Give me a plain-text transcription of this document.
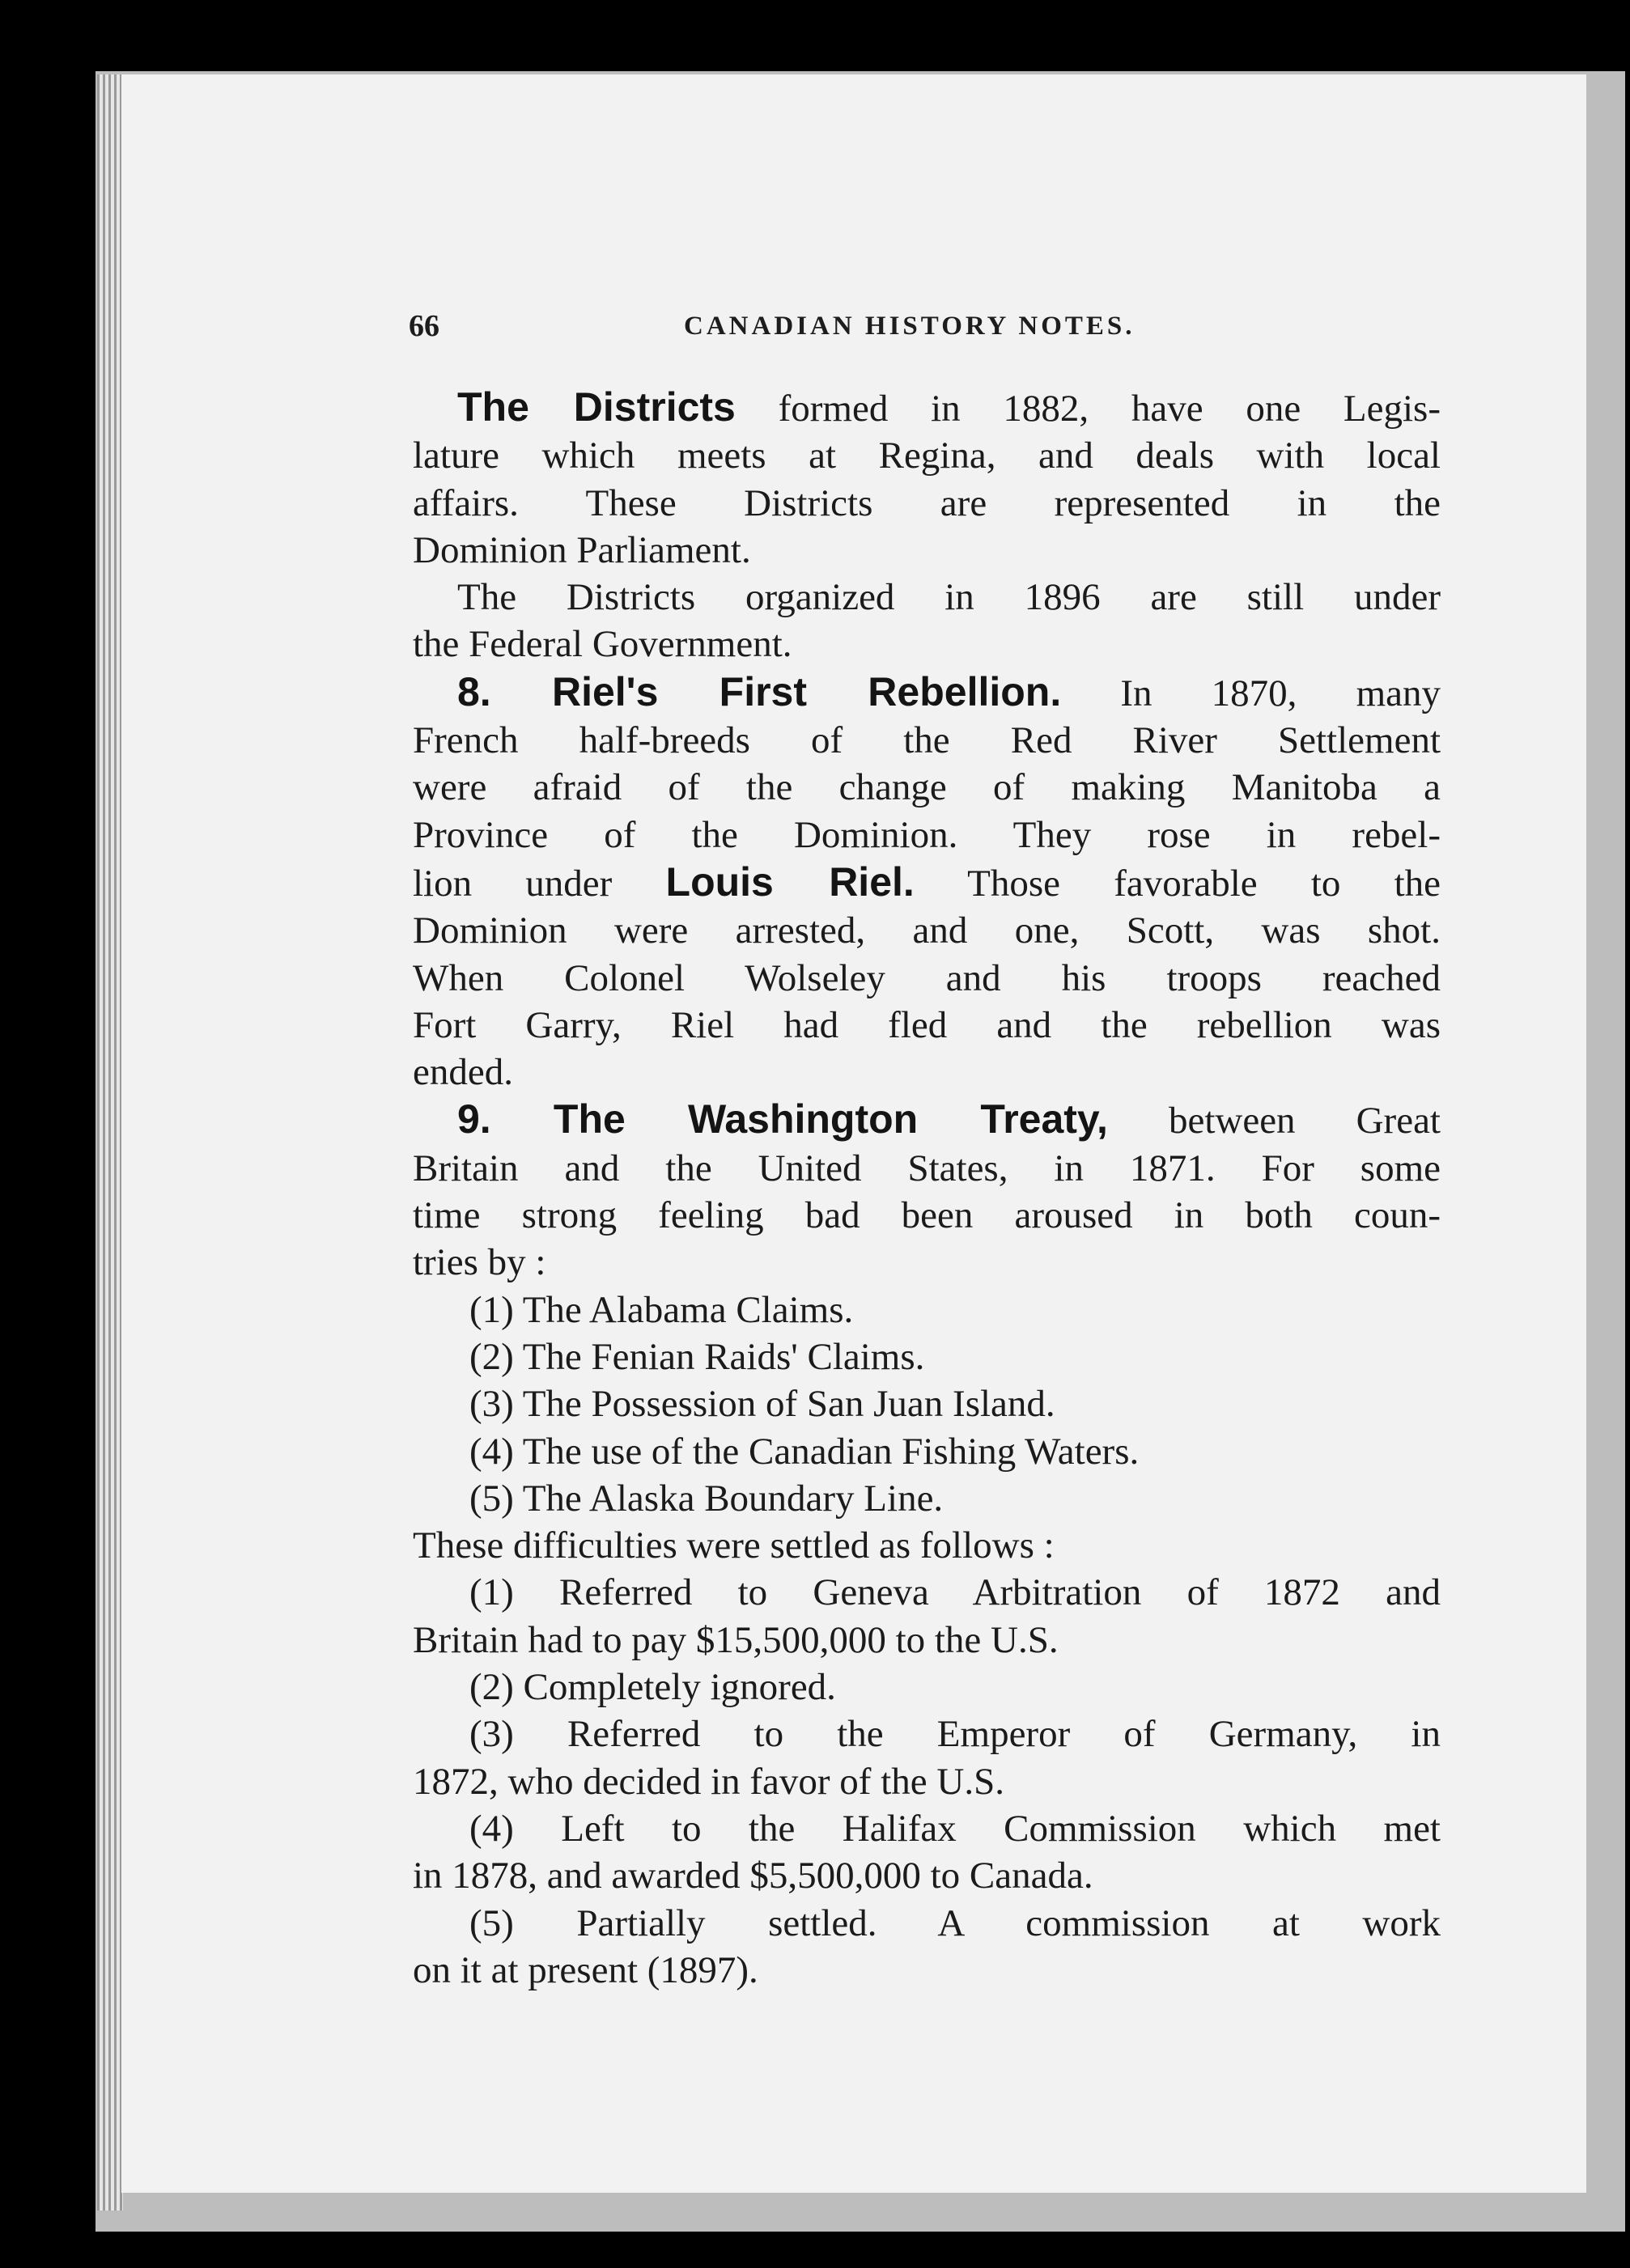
66	CANADIAN HISTORY NOTES.
The Districts formed in 1882, have one Legis-
lature which meets at Regina, and deals with local
affairs. These Districts are represented in the
Dominion Parliament.
The Districts organized in 1896 are still under
the Federal Government.
8. Riel's First Rebellion. In 1870, many
French half-breeds of the Red River Settlement
were afraid of the change of making Manitoba a
Province of the Dominion. They rose in rebel-
lion under Louis Riel. Those favorable to the
Dominion were arrested, and one, Scott, was shot.
When Colonel Wolseley and his troops reached
Fort Garry, Riel had fled and the rebellion was
ended.
9. The Washington Treaty, between Great
Britain and the United States, in 1871. For some
time strong feeling bad been aroused in both coun-
tries by :
(1) The Alabama Claims.
(2) The Fenian Raids' Claims.
(3) The Possession of San Juan Island.
(4) The use of the Canadian Fishing Waters.
(5) The Alaska Boundary Line.
These difficulties were settled as follows :
(1) Referred to Geneva Arbitration of 1872 and
Britain had to pay $15,500,000 to the U.S.
(2) Completely ignored.
(3) Referred to the Emperor of Germany, in
1872, who decided in favor of the U.S.
(4) Left to the Halifax Commission which met
in 1878, and awarded $5,500,000 to Canada.
(5) Partially settled. A commission at work
on it at present (1897).
